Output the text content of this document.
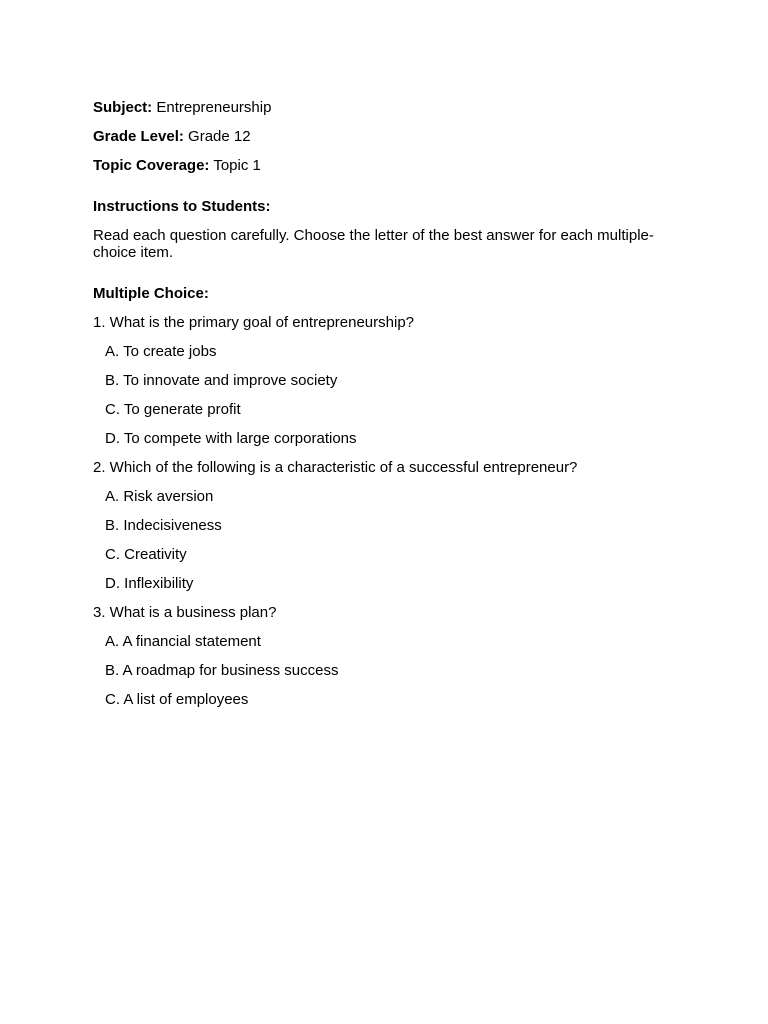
Subject: Entrepreneurship
Grade Level: Grade 12
Topic Coverage: Topic 1
Instructions to Students:
Read each question carefully. Choose the letter of the best answer for each multiple-choice item.
Multiple Choice:
1. What is the primary goal of entrepreneurship?
A. To create jobs
B. To innovate and improve society
C. To generate profit
D. To compete with large corporations
2. Which of the following is a characteristic of a successful entrepreneur?
A. Risk aversion
B. Indecisiveness
C. Creativity
D. Inflexibility
3. What is a business plan?
A. A financial statement
B. A roadmap for business success
C. A list of employees
